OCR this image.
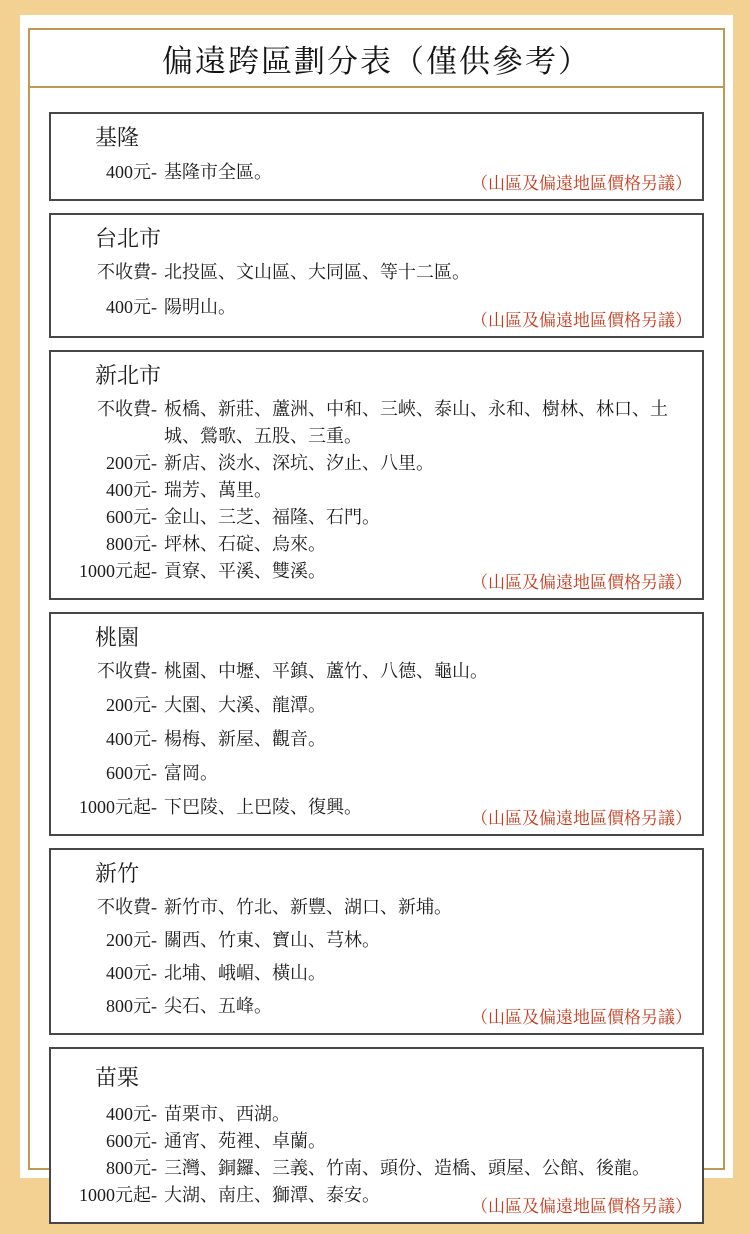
偏遠跨區劃分表（僅供參考）
基隆
400元- 基隆市全區。
（山區及偏遠地區價格另議）
台北市
不收費- 北投區、文山區、大同區、等十二區。
400元- 陽明山。
（山區及偏遠地區價格另議）
新北市
不收費- 板橋、新莊、蘆洲、中和、三峽、泰山、永和、樹林、林口、土城、鶯歌、五股、三重。
200元- 新店、淡水、深坑、汐止、八里。
400元- 瑞芳、萬里。
600元- 金山、三芝、福隆、石門。
800元- 坪林、石碇、烏來。
1000元起- 貢寮、平溪、雙溪。
（山區及偏遠地區價格另議）
桃園
不收費- 桃園、中壢、平鎮、蘆竹、八德、龜山。
200元- 大園、大溪、龍潭。
400元- 楊梅、新屋、觀音。
600元- 富岡。
1000元起- 下巴陵、上巴陵、復興。
（山區及偏遠地區價格另議）
新竹
不收費- 新竹市、竹北、新豐、湖口、新埔。
200元- 關西、竹東、寶山、芎林。
400元- 北埔、峨嵋、橫山。
800元- 尖石、五峰。
（山區及偏遠地區價格另議）
苗栗
400元- 苗栗市、西湖。
600元- 通宵、苑裡、卓蘭。
800元- 三灣、銅鑼、三義、竹南、頭份、造橋、頭屋、公館、後龍。
1000元起- 大湖、南庄、獅潭、泰安。
（山區及偏遠地區價格另議）
